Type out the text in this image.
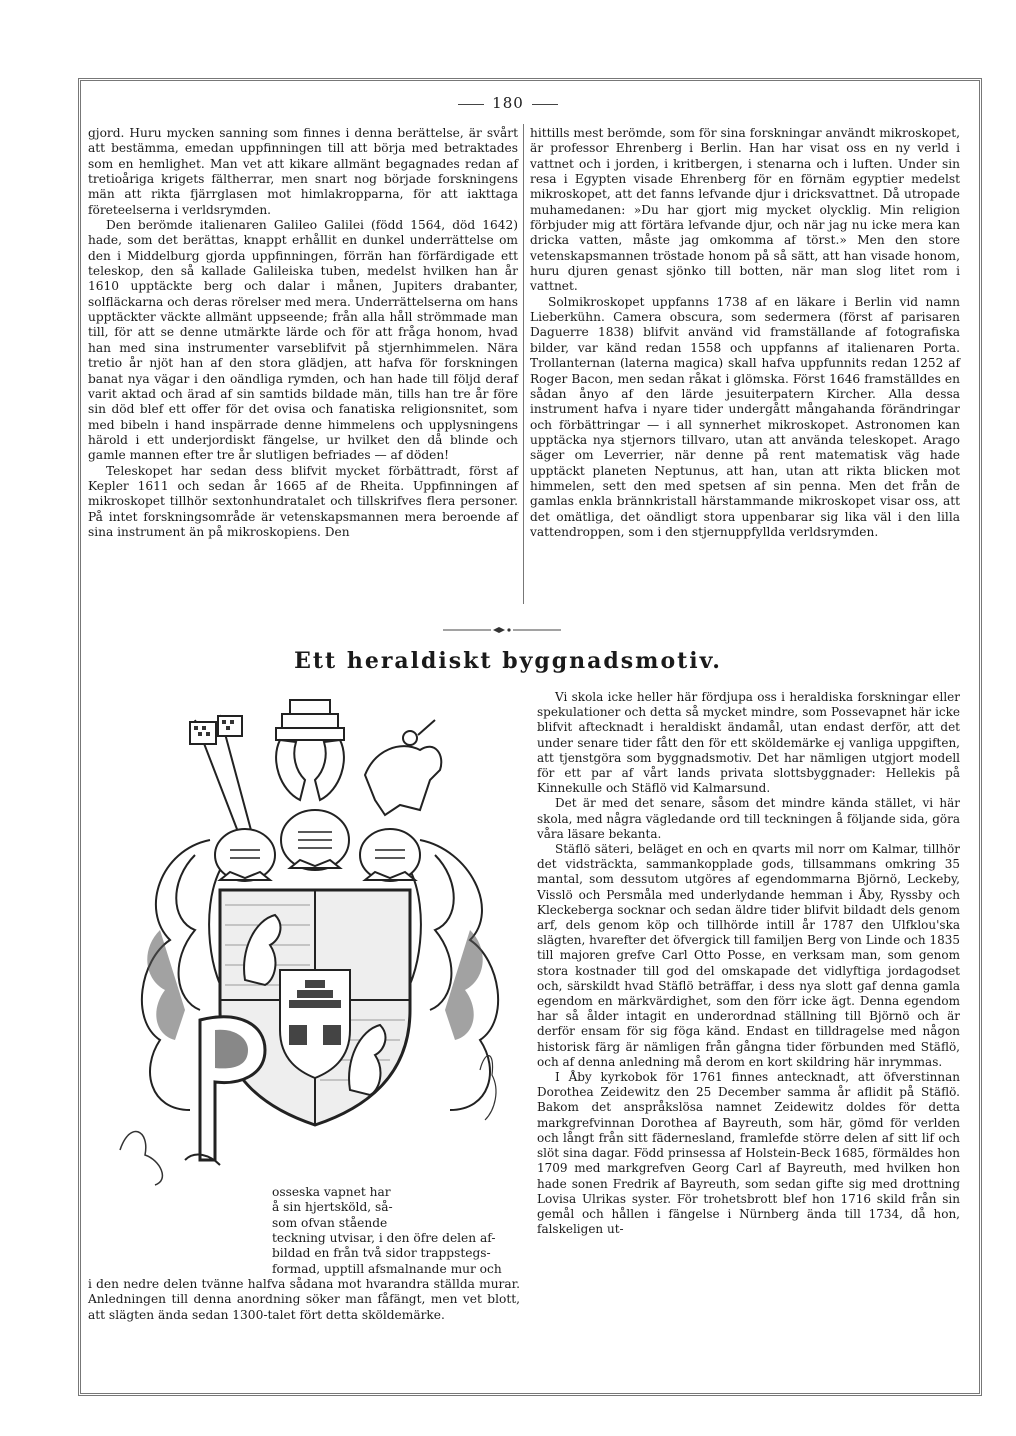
180

gjord. Huru mycken sanning som finnes i denna berättelse, är svårt att bestämma, emedan uppfinningen till att börja med betraktades som en hemlighet. Man vet att kikare allmänt begagnades redan af tretioåriga krigets fältherrar, men snart nog började forskningens män att rikta fjärrglasen mot himlakropparna, för att iakttaga företeelserna i verldsrymden.

Den berömde italienaren Galileo Galilei (född 1564, död 1642) hade, som det berättas, knappt erhållit en dunkel underrättelse om den i Middelburg gjorda uppfinningen, förrän han förfärdigade ett teleskop, den så kallade Galileiska tuben, medelst hvilken han år 1610 upptäckte berg och dalar i månen, Jupiters drabanter, solfläckarna och deras rörelser med mera. Underrättelserna om hans upptäckter väckte allmänt uppseende; från alla håll strömmade man till, för att se denne utmärkte lärde och för att fråga honom, hvad han med sina instrumenter varseblifvit på stjernhimmelen. Nära tretio år njöt han af den stora glädjen, att hafva för forskningen banat nya vägar i den oändliga rymden, och han hade till följd deraf varit aktad och ärad af sin samtids bildade män, tills han tre år före sin död blef ett offer för det ovisa och fanatiska religionsnitet, som med bibeln i hand inspärrade denne himmelens och upplysningens härold i ett underjordiskt fängelse, ur hvilket den då blinde och gamle mannen efter tre år slutligen befriades — af döden!

Teleskopet har sedan dess blifvit mycket förbättradt, först af Kepler 1611 och sedan år 1665 af de Rheita. Uppfinningen af mikroskopet tillhör sextonhundratalet och tillskrifves flera personer. På intet forskningsområde är vetenskapsmannen mera beroende af sina instrument än på mikroskopiens. Den

hittills mest berömde, som för sina forskningar användt mikroskopet, är professor Ehrenberg i Berlin. Han har visat oss en ny verld i vattnet och i jorden, i kritbergen, i stenarna och i luften. Under sin resa i Egypten visade Ehrenberg för en förnäm egyptier medelst mikroskopet, att det fanns lefvande djur i dricksvattnet. Då utropade muhamedanen: »Du har gjort mig mycket olycklig. Min religion förbjuder mig att förtära lefvande djur, och när jag nu icke mera kan dricka vatten, måste jag omkomma af törst.» Men den store vetenskapsmannen tröstade honom på så sätt, att han visade honom, huru djuren genast sjönko till botten, när man slog litet rom i vattnet.

Solmikroskopet uppfanns 1738 af en läkare i Berlin vid namn Lieberkühn. Camera obscura, som sedermera (först af parisaren Daguerre 1838) blifvit använd vid framställande af fotografiska bilder, var känd redan 1558 och uppfanns af italienaren Porta. Trollanternan (laterna magica) skall hafva uppfunnits redan 1252 af Roger Bacon, men sedan råkat i glömska. Först 1646 framställdes en sådan ånyo af den lärde jesuiterpatern Kircher. Alla dessa instrument hafva i nyare tider undergått mångahanda förändringar och förbättringar — i all synnerhet mikroskopet. Astronomen kan upptäcka nya stjernors tillvaro, utan att använda teleskopet. Arago säger om Leverrier, när denne på rent matematisk väg hade upptäckt planeten Neptunus, att han, utan att rikta blicken mot himmelen, sett den med spetsen af sin penna. Men det från de gamlas enkla brännkristall härstammande mikroskopet visar oss, att det omätliga, det oändligt stora uppenbarar sig lika väl i den lilla vattendroppen, som i den stjernuppfyllda verldsrymden.

Ett heraldiskt byggnadsmotiv.

osseska vapnet har

å sin hjertsköld, så-

som ofvan stående

teckning utvisar, i den öfre delen af-

bildad en från två sidor trappstegs-

formad, upptill afsmalnande mur och

i den nedre delen tvänne halfva sådana mot hvarandra ställda murar. Anledningen till denna anordning söker man fåfängt, men vet blott, att slägten ända sedan 1300-talet fört detta sköldemärke.

Vi skola icke heller här fördjupa oss i heraldiska forskningar eller spekulationer och detta så mycket mindre, som Possevapnet här icke blifvit aftecknadt i heraldiskt ändamål, utan endast derför, att det under senare tider fått den för ett sköldemärke ej vanliga uppgiften, att tjenstgöra som byggnadsmotiv. Det har nämligen utgjort modell för ett par af vårt lands privata slottsbyggnader: Hellekis på Kinnekulle och Stäflö vid Kalmarsund.

Det är med det senare, såsom det mindre kända stället, vi här skola, med några vägledande ord till teckningen å följande sida, göra våra läsare bekanta.

Stäflö säteri, beläget en och en qvarts mil norr om Kalmar, tillhör det vidsträckta, sammankopplade gods, tillsammans omkring 35 mantal, som dessutom utgöres af egendommarna Björnö, Leckeby, Visslö och Persmåla med underlydande hemman i Åby, Ryssby och Kleckeberga socknar och sedan äldre tider blifvit bildadt dels genom arf, dels genom köp och tillhörde intill år 1787 den Ulfklou'ska slägten, hvarefter det öfvergick till familjen Berg von Linde och 1835 till majoren grefve Carl Otto Posse, en verksam man, som genom stora kostnader till god del omskapade det vidlyftiga jordagodset och, särskildt hvad Stäflö beträffar, i dess nya slott gaf denna gamla egendom en märkvärdighet, som den förr icke ägt. Denna egendom har så ålder intagit en underordnad ställning till Björnö och är derför ensam för sig föga känd. Endast en tilldragelse med någon historisk färg är nämligen från gångna tider förbunden med Stäflö, och af denna anledning må derom en kort skildring här inrymmas.

I Åby kyrkobok för 1761 finnes antecknadt, att öfverstinnan Dorothea Zeidewitz den 25 December samma år aflidit på Stäflö. Bakom det anspråkslösa namnet Zeidewitz doldes för detta markgrefvinnan Dorothea af Bayreuth, som här, gömd för verlden och långt från sitt fädernesland, framlefde större delen af sitt lif och slöt sina dagar. Född prinsessa af Holstein-Beck 1685, förmäldes hon 1709 med markgrefven Georg Carl af Bayreuth, med hvilken hon hade sonen Fredrik af Bayreuth, som sedan gifte sig med drottning Lovisa Ulrikas syster. För trohetsbrott blef hon 1716 skild från sin gemål och hållen i fängelse i Nürnberg ända till 1734, då hon, falskeligen ut-
